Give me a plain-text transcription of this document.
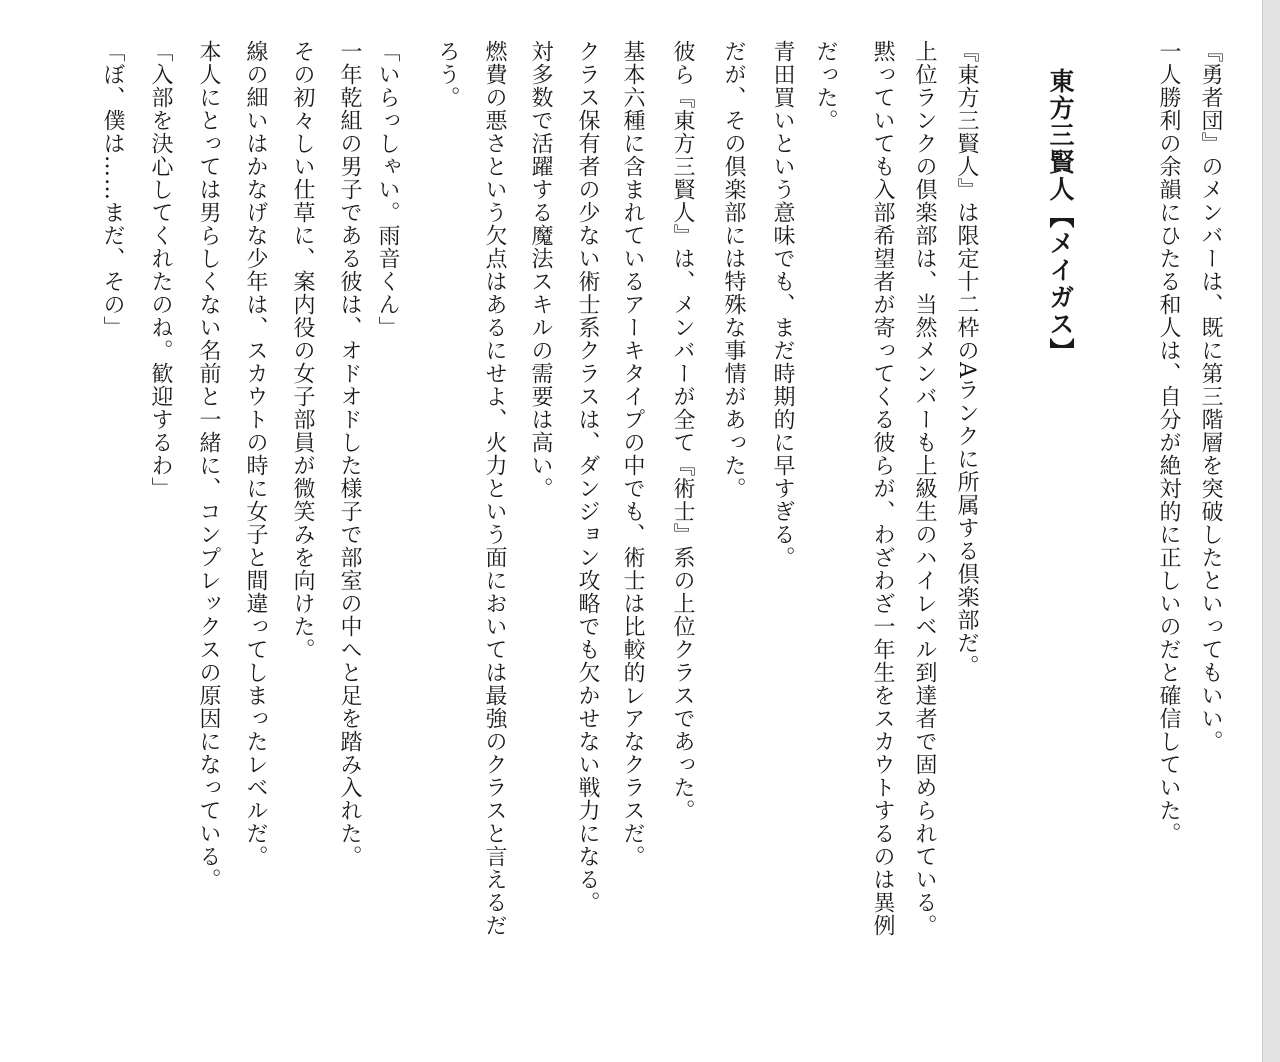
『勇者団』のメンバーは、既に第三階層を突破したといってもいい。
一人勝利の余韻にひたる和人は、自分が絶対的に正しいのだと確信していた。
東方三賢人【メイガス】
『東方三賢人』は限定十二枠のAランクに所属する倶楽部だ。
上位ランクの倶楽部は、当然メンバーも上級生のハイレベル到達者で固められている。
黙っていても入部希望者が寄ってくる彼らが、わざわざ一年生をスカウトするのは異例
だった。
青田買いという意味でも、まだ時期的に早すぎる。
だが、その倶楽部には特殊な事情があった。
彼ら『東方三賢人』は、メンバーが全て『術士』系の上位クラスであった。
基本六種に含まれているアーキタイプの中でも、術士は比較的レアなクラスだ。
クラス保有者の少ない術士系クラスは、ダンジョン攻略でも欠かせない戦力になる。
対多数で活躍する魔法スキルの需要は高い。
燃費の悪さという欠点はあるにせよ、火力という面においては最強のクラスと言えるだ
ろう。
「いらっしゃい。雨音くん」
一年乾組の男子である彼は、オドオドした様子で部室の中へと足を踏み入れた。
その初々しい仕草に、案内役の女子部員が微笑みを向けた。
線の細いはかなげな少年は、スカウトの時に女子と間違ってしまったレベルだ。
本人にとっては男らしくない名前と一緒に、コンプレックスの原因になっている。
「入部を決心してくれたのね。歓迎するわ」
「ぼ、僕は……まだ、その」
